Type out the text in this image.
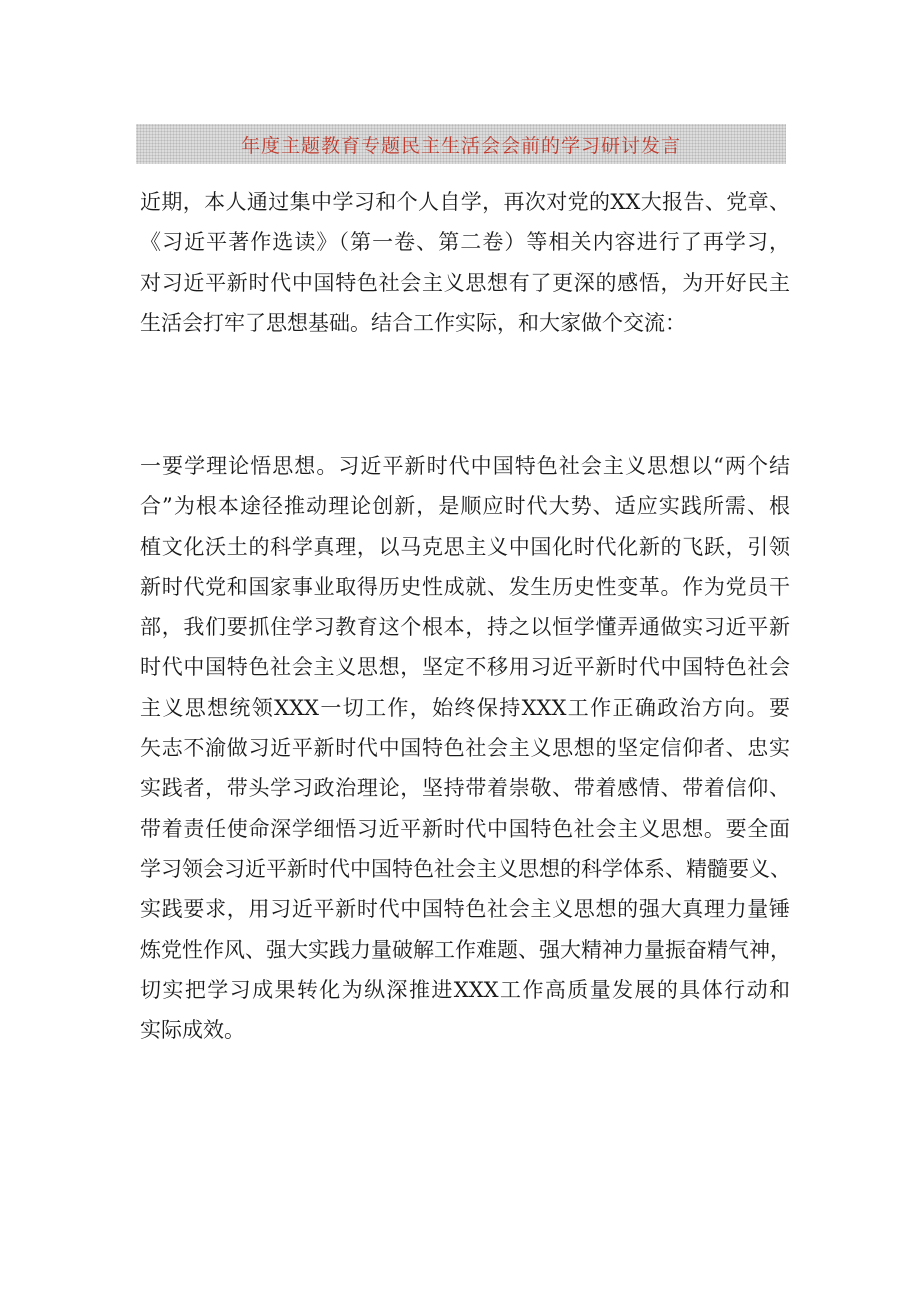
年度主题教育专题民主生活会会前的学习研讨发言
近期，本人通过集中学习和个人自学，再次对党的XX大报告、党章、
《习近平著作选读》（第一卷、第二卷）等相关内容进行了再学习，
对习近平新时代中国特色社会主义思想有了更深的感悟，为开好民主
生活会打牢了思想基础。结合工作实际，和大家做个交流：
一要学理论悟思想。习近平新时代中国特色社会主义思想以“两个结
合”为根本途径推动理论创新，是顺应时代大势、适应实践所需、根
植文化沃土的科学真理，以马克思主义中国化时代化新的飞跃，引领
新时代党和国家事业取得历史性成就、发生历史性变革。作为党员干
部，我们要抓住学习教育这个根本，持之以恒学懂弄通做实习近平新
时代中国特色社会主义思想，坚定不移用习近平新时代中国特色社会
主义思想统领XXX一切工作，始终保持XXX工作正确政治方向。要
矢志不渝做习近平新时代中国特色社会主义思想的坚定信仰者、忠实
实践者，带头学习政治理论，坚持带着崇敬、带着感情、带着信仰、
带着责任使命深学细悟习近平新时代中国特色社会主义思想。要全面
学习领会习近平新时代中国特色社会主义思想的科学体系、精髓要义、
实践要求，用习近平新时代中国特色社会主义思想的强大真理力量锤
炼党性作风、强大实践力量破解工作难题、强大精神力量振奋精气神，
切实把学习成果转化为纵深推进XXX工作高质量发展的具体行动和
实际成效。
